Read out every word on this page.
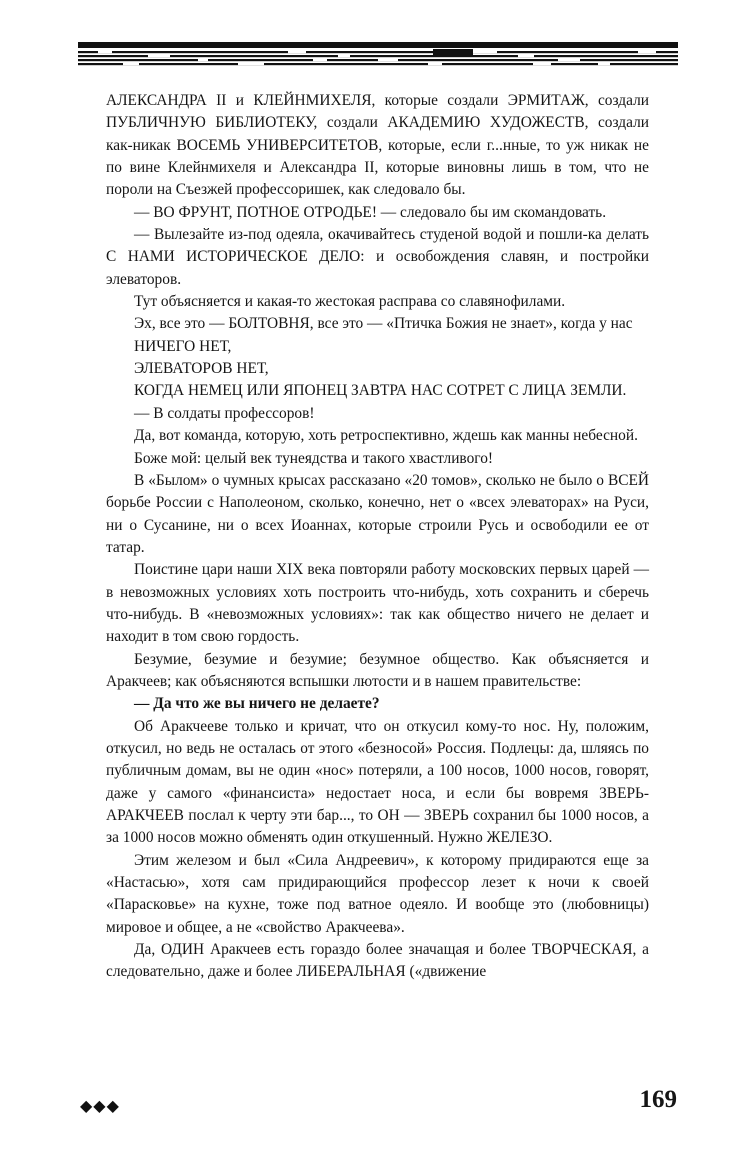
АЛЕКСАНДРА II и КЛЕЙНМИХЕЛЯ, которые создали ЭРМИТАЖ, создали ПУБЛИЧНУЮ БИБЛИОТЕКУ, создали АКАДЕМИЮ ХУДОЖЕСТВ, создали как-никак ВОСЕМЬ УНИВЕРСИТЕТОВ, которые, если г...нные, то уж никак не по вине Клейнмихеля и Александра II, которые виновны лишь в том, что не пороли на Съезжей профессоришек, как следовало бы.

— ВО ФРУНТ, ПОТНОЕ ОТРОДЬЕ! — следовало бы им скомандовать.

— Вылезайте из-под одеяла, окачивайтесь студеной водой и пошли-ка делать С НАМИ ИСТОРИЧЕСКОЕ ДЕЛО: и освобождения славян, и постройки элеваторов.

Тут объясняется и какая-то жестокая расправа со славянофилами.

Эх, все это — БОЛТОВНЯ, все это — «Птичка Божия не знает», когда у нас

НИЧЕГО НЕТ,

ЭЛЕВАТОРОВ НЕТ,

КОГДА НЕМЕЦ ИЛИ ЯПОНЕЦ ЗАВТРА НАС СОТРЕТ С ЛИЦА ЗЕМЛИ.

— В солдаты профессоров!

Да, вот команда, которую, хоть ретроспективно, ждешь как манны небесной.

Боже мой: целый век тунеядства и такого хвастливого!

В «Былом» о чумных крысах рассказано «20 томов», сколько не было о ВСЕЙ борьбе России с Наполеоном, сколько, конечно, нет о «всех элеваторах» на Руси, ни о Сусанине, ни о всех Иоаннах, которые строили Русь и освободили ее от татар.

Поистине цари наши XIX века повторяли работу московских первых царей — в невозможных условиях хоть построить что-нибудь, хоть сохранить и сберечь что-нибудь. В «невозможных условиях»: так как общество ничего не делает и находит в том свою гордость.

Безумие, безумие и безумие; безумное общество. Как объясняется и Аракчеев; как объясняются вспышки лютости и в нашем правительстве:

— Да что же вы ничего не делаете?

Об Аракчееве только и кричат, что он откусил кому-то нос. Ну, положим, откусил, но ведь не осталась от этого «безносой» Россия. Подлецы: да, шляясь по публичным домам, вы не один «нос» потеряли, а 100 носов, 1000 носов, говорят, даже у самого «финансиста» недостает носа, и если бы вовремя ЗВЕРЬ-АРАКЧЕЕВ послал к черту эти бар..., то ОН — ЗВЕРЬ сохранил бы 1000 носов, а за 1000 носов можно обменять один откушенный. Нужно ЖЕЛЕЗО.

Этим железом и был «Сила Андреевич», к которому придираются еще за «Настасью», хотя сам придирающийся профессор лезет к ночи к своей «Парасковье» на кухне, тоже под ватное одеяло. И вообще это (любовницы) мировое и общее, а не «свойство Аракчеева».

Да, ОДИН Аракчеев есть гораздо более значащая и более ТВОРЧЕСКАЯ, а следовательно, даже и более ЛИБЕРАЛЬНАЯ («движение

◆◆◆	169
